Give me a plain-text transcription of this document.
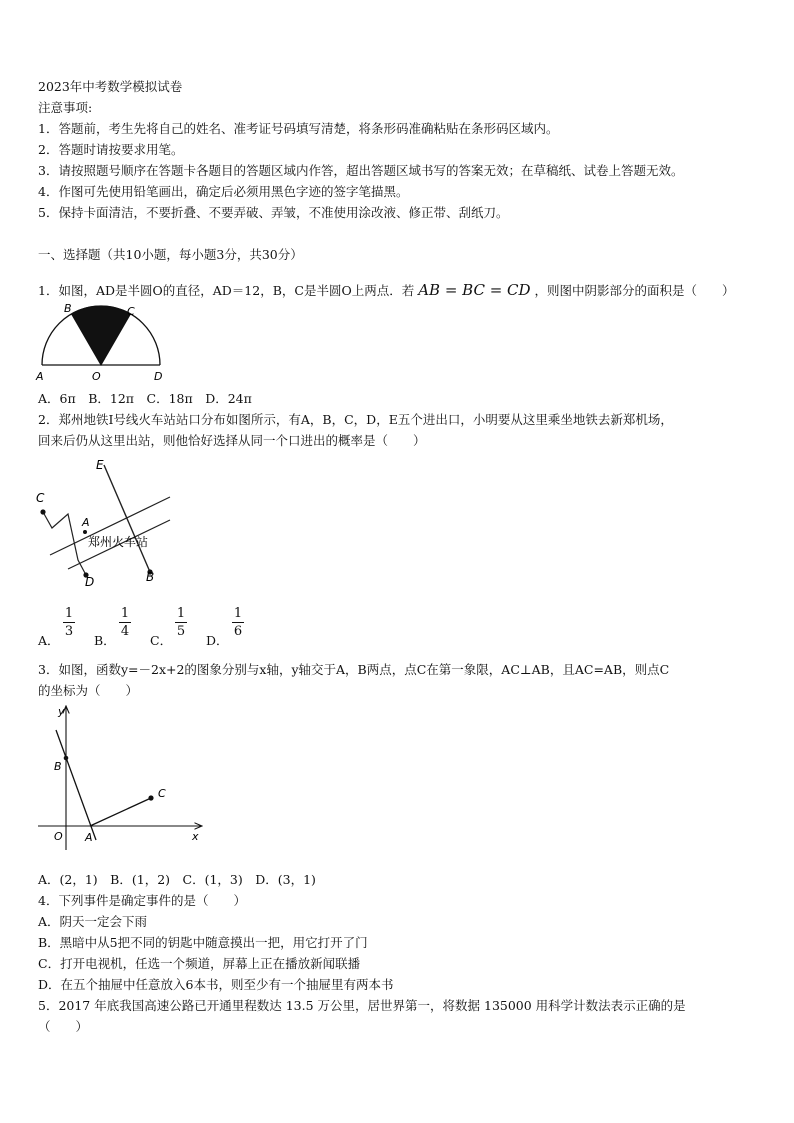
2023年中考数学模拟试卷
注意事项:
1．答题前，考生先将自己的姓名、准考证号码填写清楚，将条形码准确粘贴在条形码区域内。
2．答题时请按要求用笔。
3．请按照题号顺序在答题卡各题目的答题区域内作答，超出答题区域书写的答案无效；在草稿纸、试卷上答题无效。
4．作图可先使用铅笔画出，确定后必须用黑色字迹的签字笔描黑。
5．保持卡面清洁，不要折叠、不要弄破、弄皱，不准使用涂改液、修正带、刮纸刀。
一、选择题（共10小题，每小题3分，共30分）
1．如图，AD是半圆O的直径，AD＝12，B，C是半圆O上两点．若 AB = BC = CD ，则图中阴影部分的面积是（　　）
A
B	C
D
O
A．6π　B．12π　C．18π　D．24π
2．郑州地铁Ⅰ号线火车站站口分布如图所示，有A，B，C，D，E五个进出口，小明要从这里乘坐地铁去新郑机场，
回来后仍从这里出站，则他恰好选择从同一个口进出的概率是（　　）
E
C
A
D	B
郑州火车站
A．
1
3
B．
1
4
C．
1
5
D．
1
6
3．如图，函数y=－2x+2的图象分别与x轴，y轴交于A，B两点，点C在第一象限，AC⊥AB，且AC=AB，则点C
的坐标为（　　）
y
x
O
B
A
C
A．(2，1)　B．(1，2)　C．(1，3)　D．(3，1)
4．下列事件是确定事件的是（　　）
A．阴天一定会下雨
B．黑暗中从5把不同的钥匙中随意摸出一把，用它打开了门
C．打开电视机，任选一个频道，屏幕上正在播放新闻联播
D．在五个抽屉中任意放入6本书，则至少有一个抽屉里有两本书
5．2017 年底我国高速公路已开通里程数达 13.5 万公里，居世界第一，将数据 135000 用科学计数法表示正确的是
（　　）
